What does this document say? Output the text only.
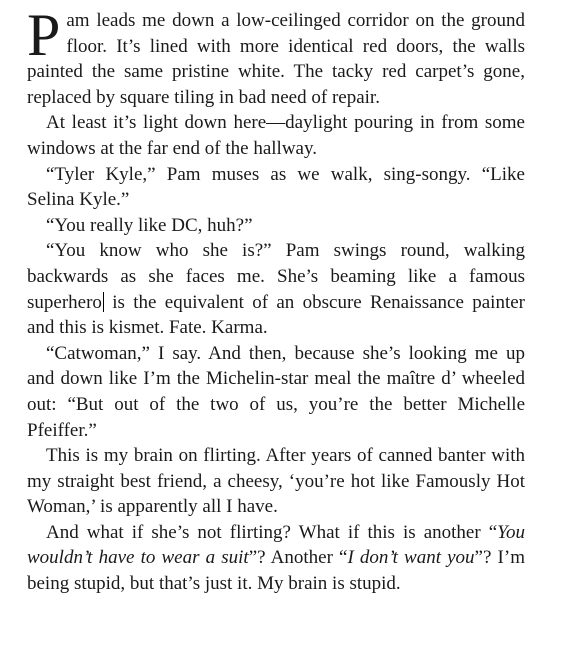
Pam leads me down a low-ceilinged corridor on the ground floor. It’s lined with more identical red doors, the walls painted the same pristine white. The tacky red carpet’s gone, replaced by square tiling in bad need of repair.

At least it’s light down here—daylight pouring in from some windows at the far end of the hallway.

“Tyler Kyle,” Pam muses as we walk, sing-songy. “Like Selina Kyle.”

“You really like DC, huh?”

“You know who she is?” Pam swings round, walking backwards as she faces me. She’s beaming like a famous superhero is the equivalent of an obscure Renaissance painter and this is kismet. Fate. Karma.

“Catwoman,” I say. And then, because she’s looking me up and down like I’m the Michelin-star meal the maître d’ wheeled out: “But out of the two of us, you’re the better Michelle Pfeiffer.”

This is my brain on flirting. After years of canned banter with my straight best friend, a cheesy, ‘you’re hot like Famously Hot Woman,’ is apparently all I have.

And what if she’s not flirting? What if this is another “You wouldn’t have to wear a suit”? Another “I don’t want you”? I’m being stupid, but that’s just it. My brain is stupid.
